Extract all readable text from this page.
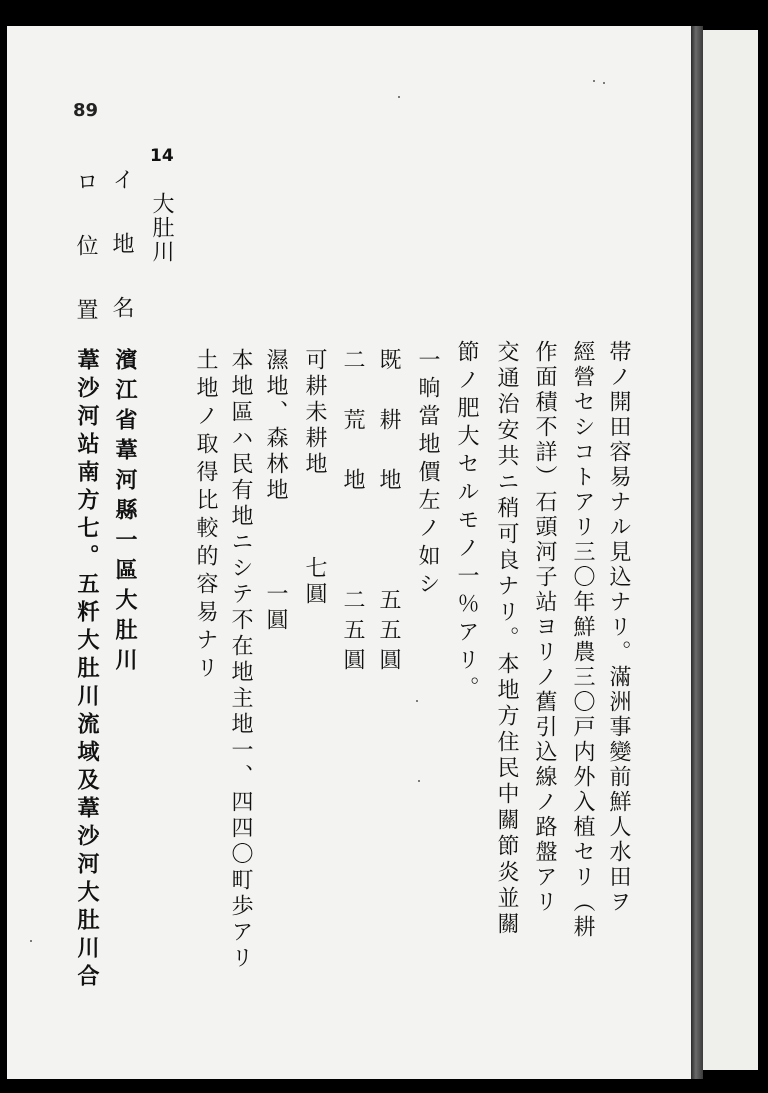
89
14
大肚川
イ　地　名
ロ　位　置
濱江省葦河縣一區大肚川
葦沙河站南方七。五粁大肚川流域及葦沙河大肚川合	土地ノ取得比較的容易ナリ 本地區ハ民有地ニシテ不在地主地一、四四〇町歩アリ 濕地、森林地　　　一圓 可耕未耕地　　　七圓 二　荒　地　　　二五圓 既　耕　地　　　五五圓 一晌當地價左ノ如シ 節ノ肥大セルモノ一％アリ。 交通治安共ニ稍可良ナリ。本地方住民中關節炎並關 作面積不詳）石頭河子站ヨリノ舊引込線ノ路盤アリ 經營セシコトアリ三〇年鮮農三〇戸内外入植セリ（耕 帯ノ開田容易ナル見込ナリ。滿洲事變前鮮人水田ヲ
